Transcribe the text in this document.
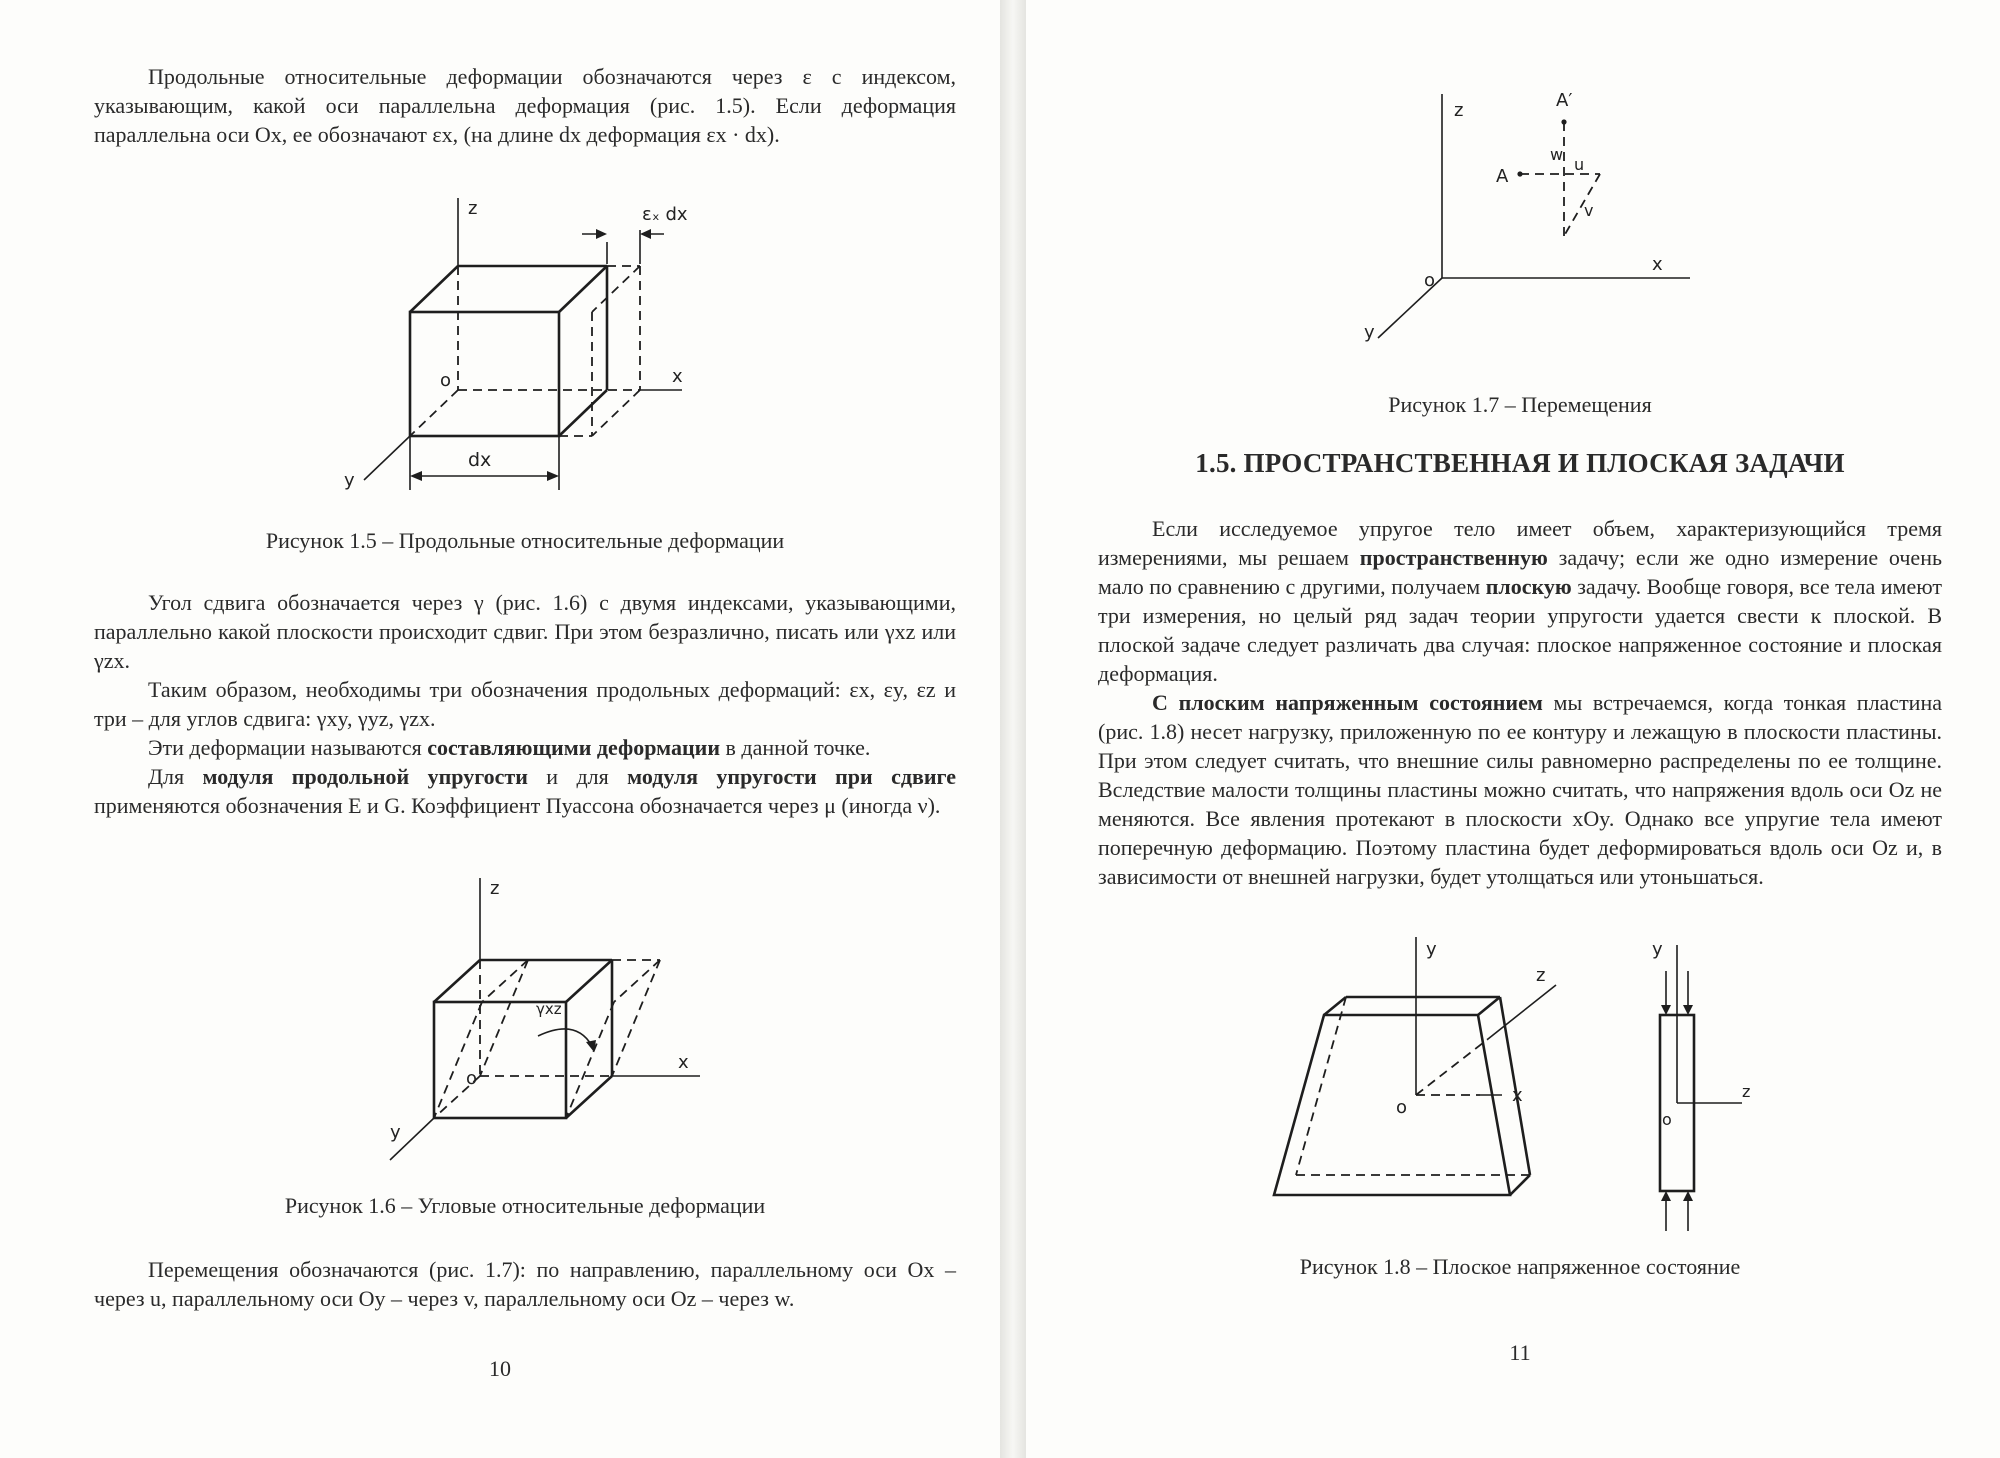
Продольные относительные деформации обозначаются через ε с индексом, указывающим, какой оси параллельна деформация (рис. 1.5). Если деформация параллельна оси Ox, ее обозначают εx, (на длине dx деформация εx · dx).

z
x
y
o
dx
εₓ dx

Рисунок 1.5 – Продольные относительные деформации

Угол сдвига обозначается через γ (рис. 1.6) с двумя индексами, указывающими, параллельно какой плоскости происходит сдвиг. При этом безразлично, писать или γxz или γzx.

Таким образом, необходимы три обозначения продольных деформаций: εx, εy, εz и три – для углов сдвига: γxy, γyz, γzx.

Эти деформации называются составляющими деформации в данной точке.

Для модуля продольной упругости и для модуля упругости при сдвиге применяются обозначения E и G. Коэффициент Пуассона обозначается через μ (иногда ν).

z
γxz
x
y
o

Рисунок 1.6 – Угловые относительные деформации

Перемещения обозначаются (рис. 1.7): по направлению, параллельному оси Ox – через u, параллельному оси Oy – через v, параллельному оси Oz – через w.

10

z
x
y
o
A
A′
w
u
v

Рисунок 1.7 – Перемещения

1.5. ПРОСТРАНСТВЕННАЯ И ПЛОСКАЯ ЗАДАЧИ

Если исследуемое упругое тело имеет объем, характеризующийся тремя измерениями, мы решаем пространственную задачу; если же одно измерение очень мало по сравнению с другими, получаем плоскую задачу. Вообще говоря, все тела имеют три измерения, но целый ряд задач теории упругости удается свести к плоской. В плоской задаче следует различать два случая: плоское напряженное состояние и плоская деформация.

С плоским напряженным состоянием мы встречаемся, когда тонкая пластина (рис. 1.8) несет нагрузку, приложенную по ее контуру и лежащую в плоскости пластины. При этом следует считать, что внешние силы равномерно распределены по ее толщине. Вследствие малости толщины пластины можно считать, что напряжения вдоль оси Oz не меняются. Все явления протекают в плоскости xOy. Однако все упругие тела имеют поперечную деформацию. Поэтому пластина будет деформироваться вдоль оси Oz и, в зависимости от внешней нагрузки, будет утолщаться или утоньшаться.

y
x
z
o
y
z
o

Рисунок 1.8 – Плоское напряженное состояние

11
